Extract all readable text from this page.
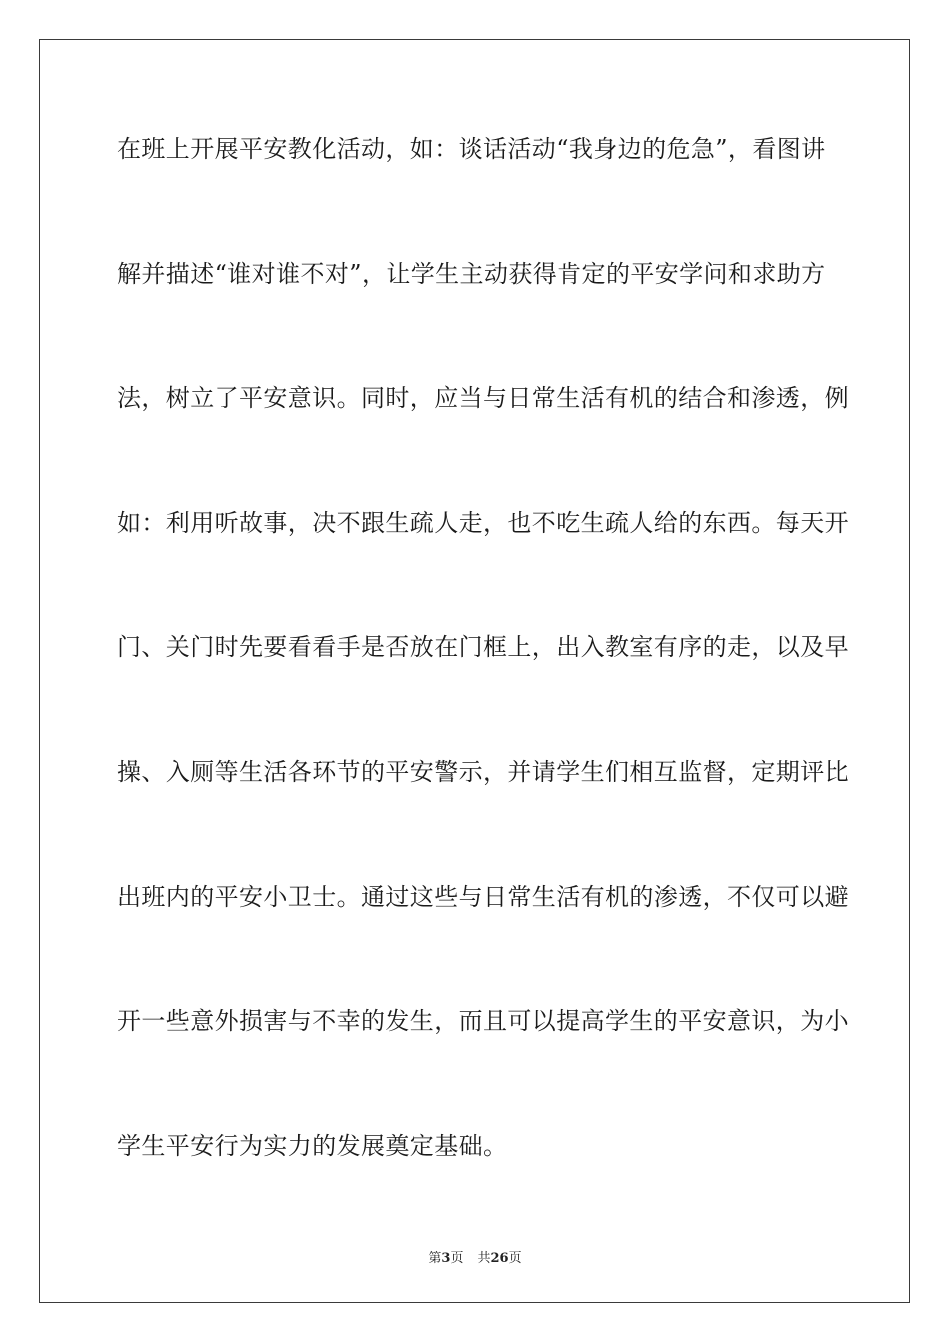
在班上开展平安教化活动，如：谈话活动“我身边的危急”，看图讲
解并描述“谁对谁不对”，让学生主动获得肯定的平安学问和求助方
法，树立了平安意识。同时，应当与日常生活有机的结合和渗透，例
如：利用听故事，决不跟生疏人走，也不吃生疏人给的东西。每天开
门、关门时先要看看手是否放在门框上，出入教室有序的走，以及早
操、入厕等生活各环节的平安警示，并请学生们相互监督，定期评比
出班内的平安小卫士。通过这些与日常生活有机的渗透，不仅可以避
开一些意外损害与不幸的发生，而且可以提高学生的平安意识，为小
学生平安行为实力的发展奠定基础。
第3页 共26页
